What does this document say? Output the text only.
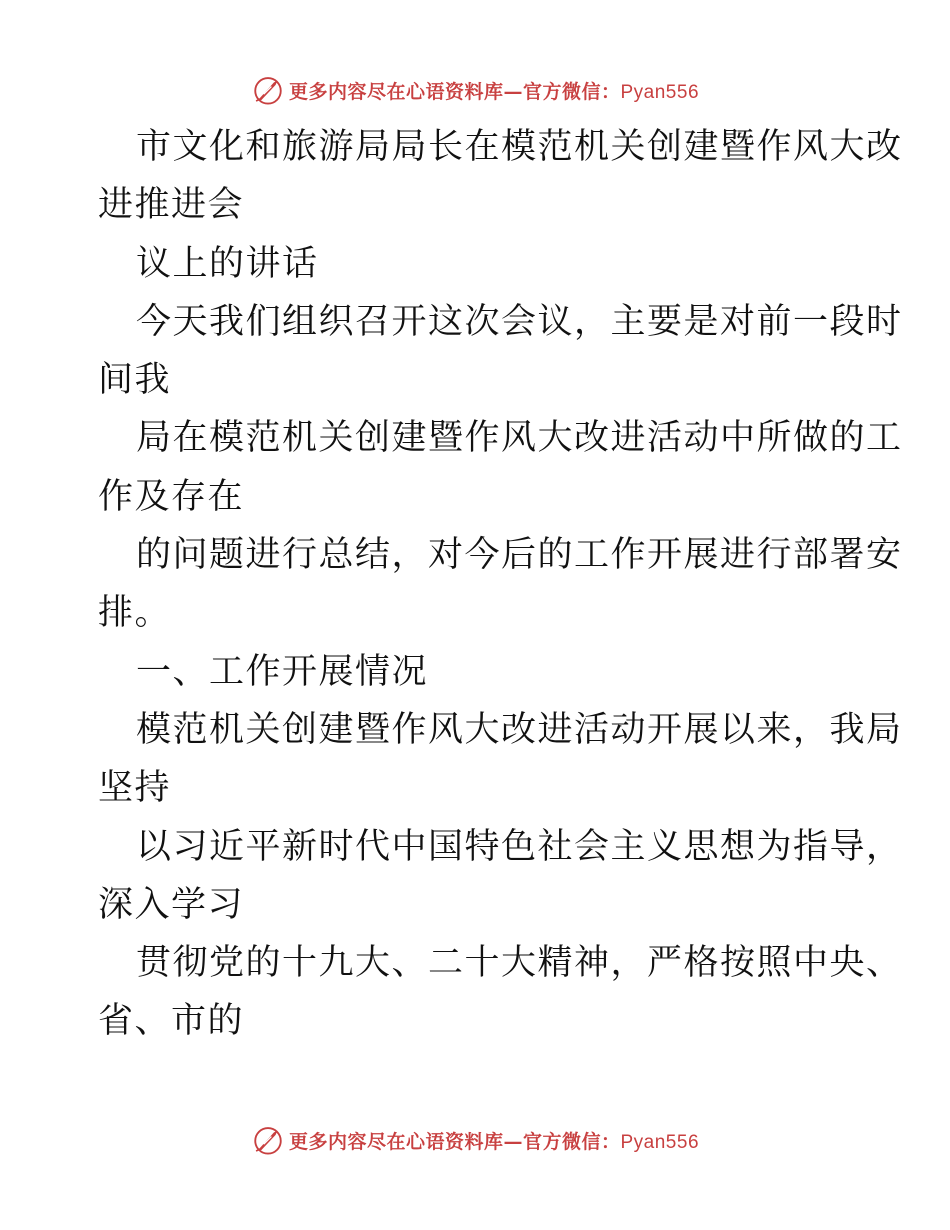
更多内容尽在心语资料库—官方微信：Pyan556
市文化和旅游局局长在模范机关创建暨作风大改
进推进会
议上的讲话
今天我们组织召开这次会议，主要是对前一段时
间我
局在模范机关创建暨作风大改进活动中所做的工
作及存在
的问题进行总结，对今后的工作开展进行部署安
排。
一、工作开展情况
模范机关创建暨作风大改进活动开展以来，我局
坚持
以习近平新时代中国特色社会主义思想为指导，
深入学习
贯彻党的十九大、二十大精神，严格按照中央、
省、市的
更多内容尽在心语资料库—官方微信：Pyan556
